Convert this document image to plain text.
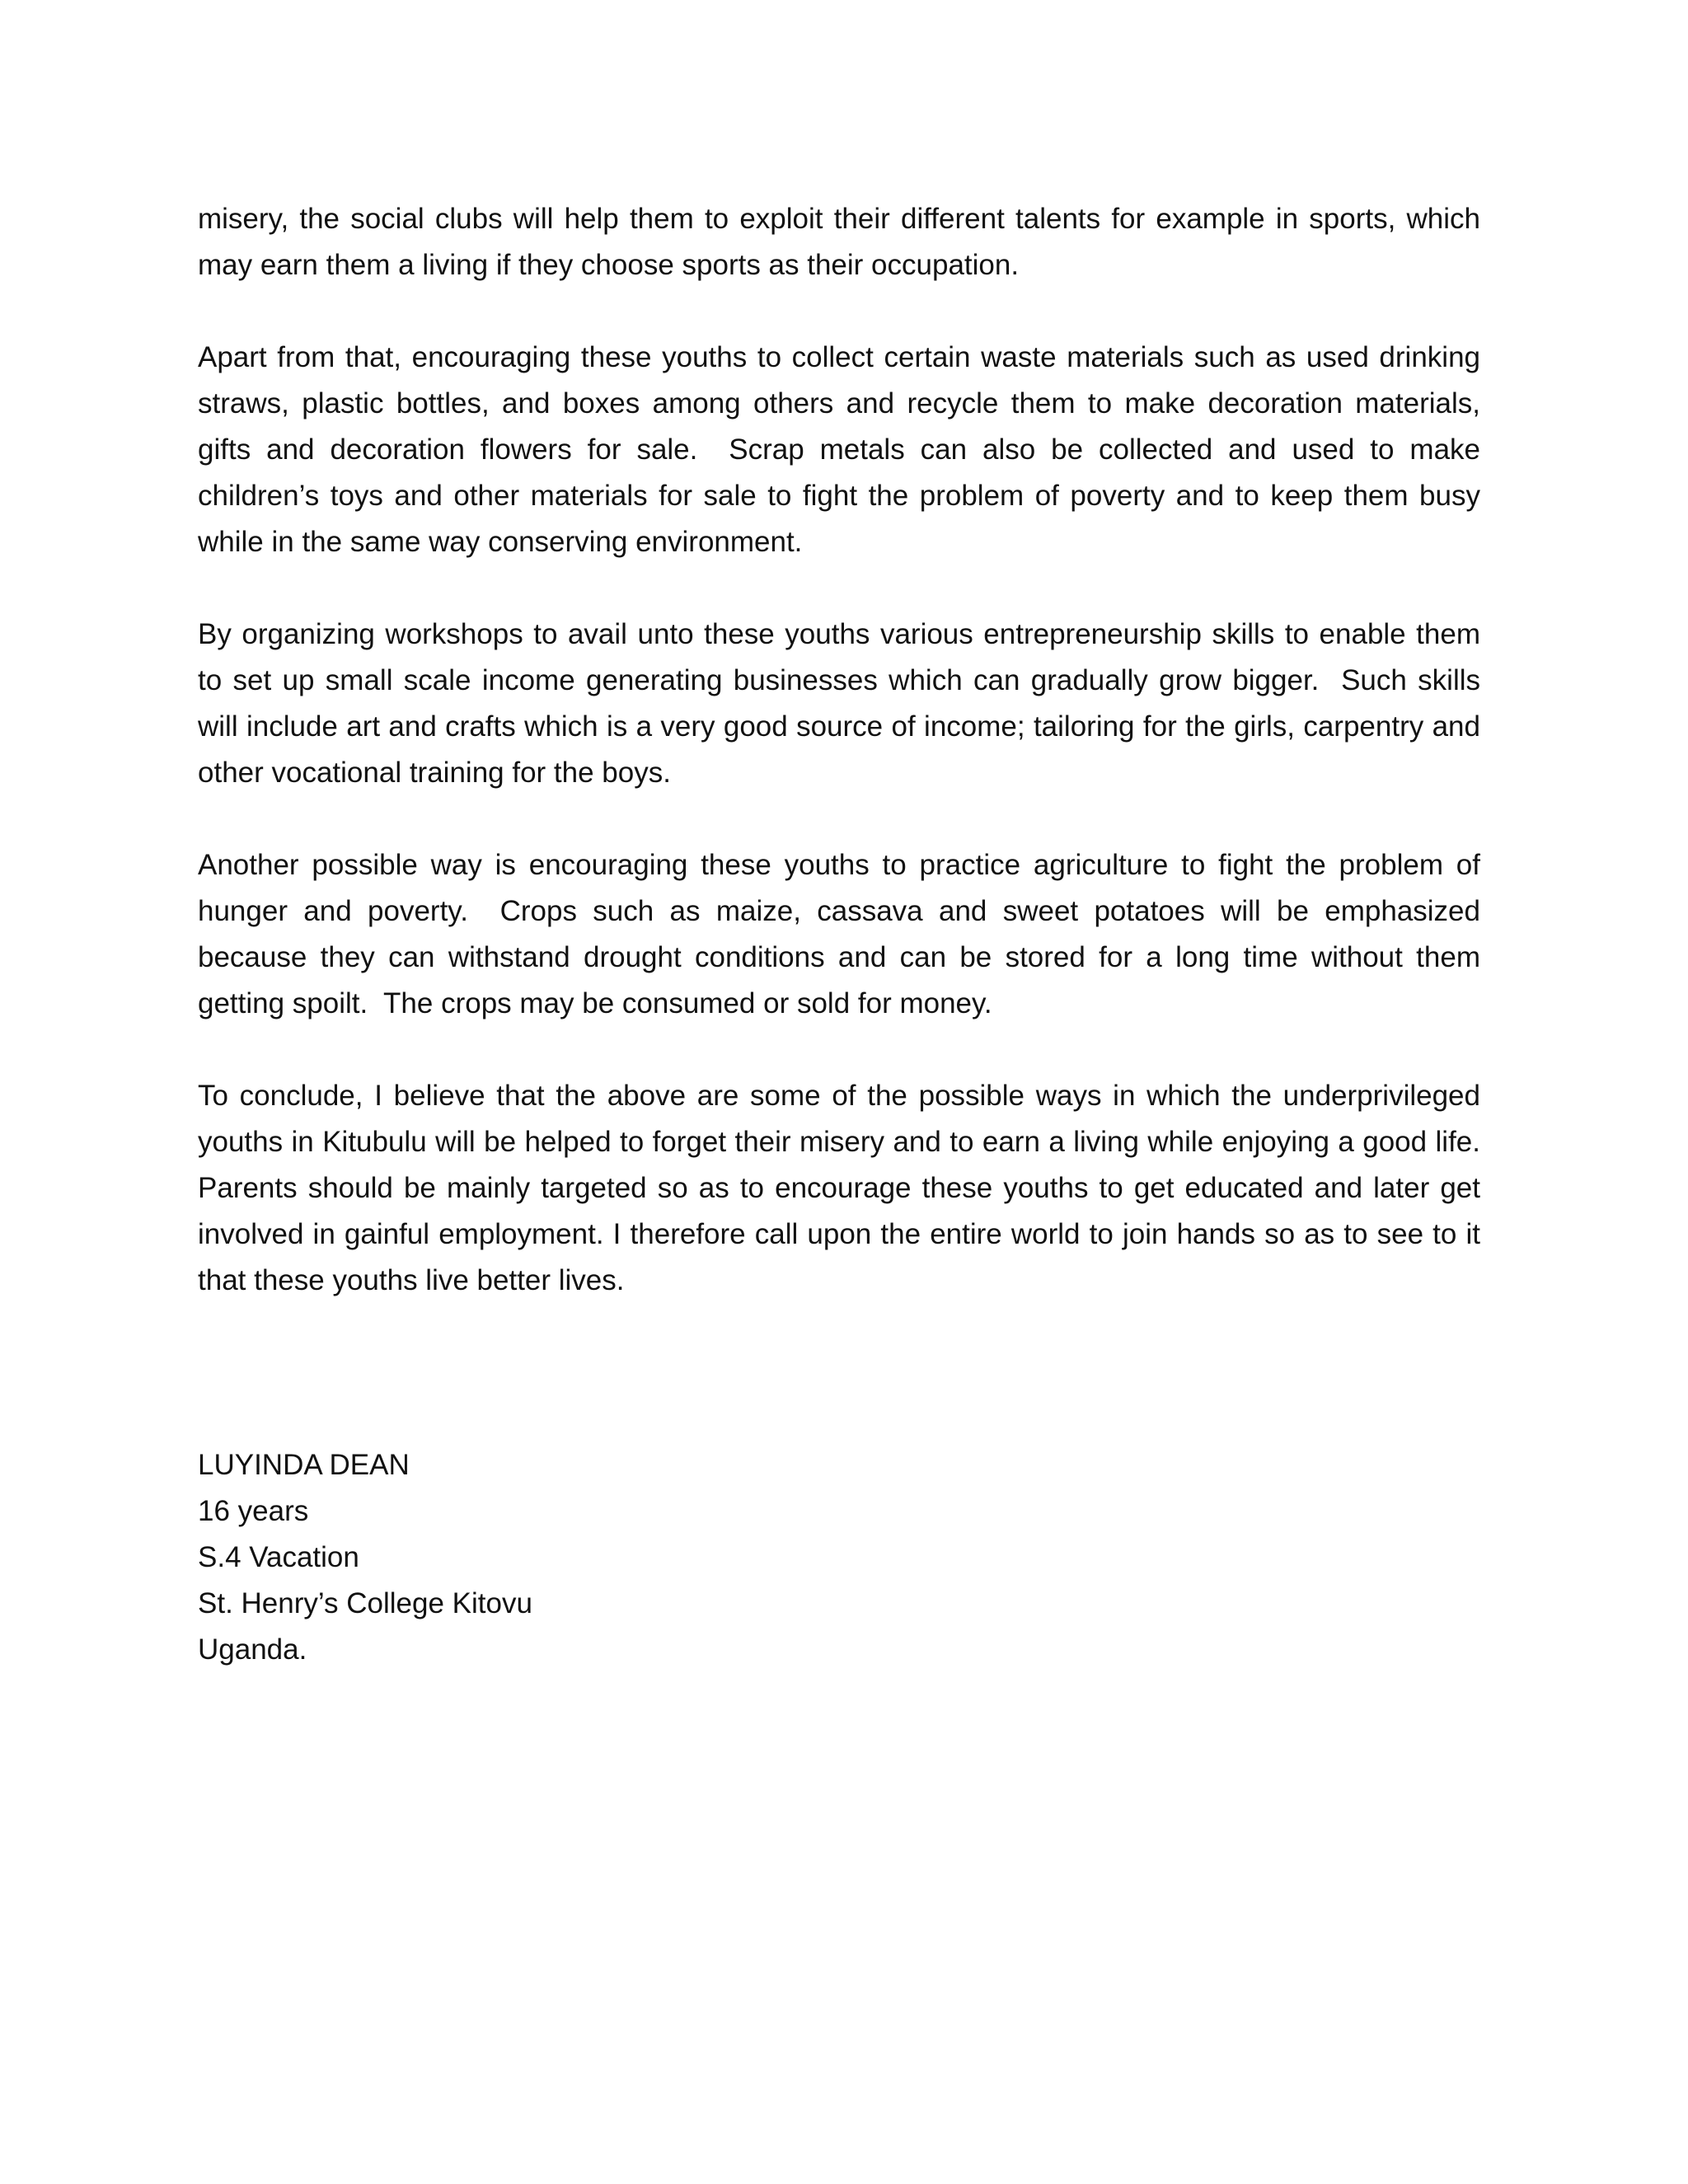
misery, the social clubs will help them to exploit their different talents for example in sports, which may earn them a living if they choose sports as their occupation.

Apart from that, encouraging these youths to collect certain waste materials such as used drinking straws, plastic bottles, and boxes among others and recycle them to make decoration materials, gifts and decoration flowers for sale.  Scrap metals can also be collected and used to make children’s toys and other materials for sale to fight the problem of poverty and to keep them busy while in the same way conserving environment.

By organizing workshops to avail unto these youths various entrepreneurship skills to enable them to set up small scale income generating businesses which can gradually grow bigger.  Such skills will include art and crafts which is a very good source of income; tailoring for the girls, carpentry and other vocational training for the boys.

Another possible way is encouraging these youths to practice agriculture to fight the problem of hunger and poverty.  Crops such as maize, cassava and sweet potatoes will be emphasized because they can withstand drought conditions and can be stored for a long time without them getting spoilt.  The crops may be consumed or sold for money.

To conclude, I believe that the above are some of the possible ways in which the underprivileged youths in Kitubulu will be helped to forget their misery and to earn a living while enjoying a good life. Parents should be mainly targeted so as to encourage these youths to get educated and later get involved in gainful employment. I therefore call upon the entire world to join hands so as to see to it that these youths live better lives.

LUYINDA DEAN

16 years

S.4 Vacation

St. Henry’s College Kitovu

Uganda.
